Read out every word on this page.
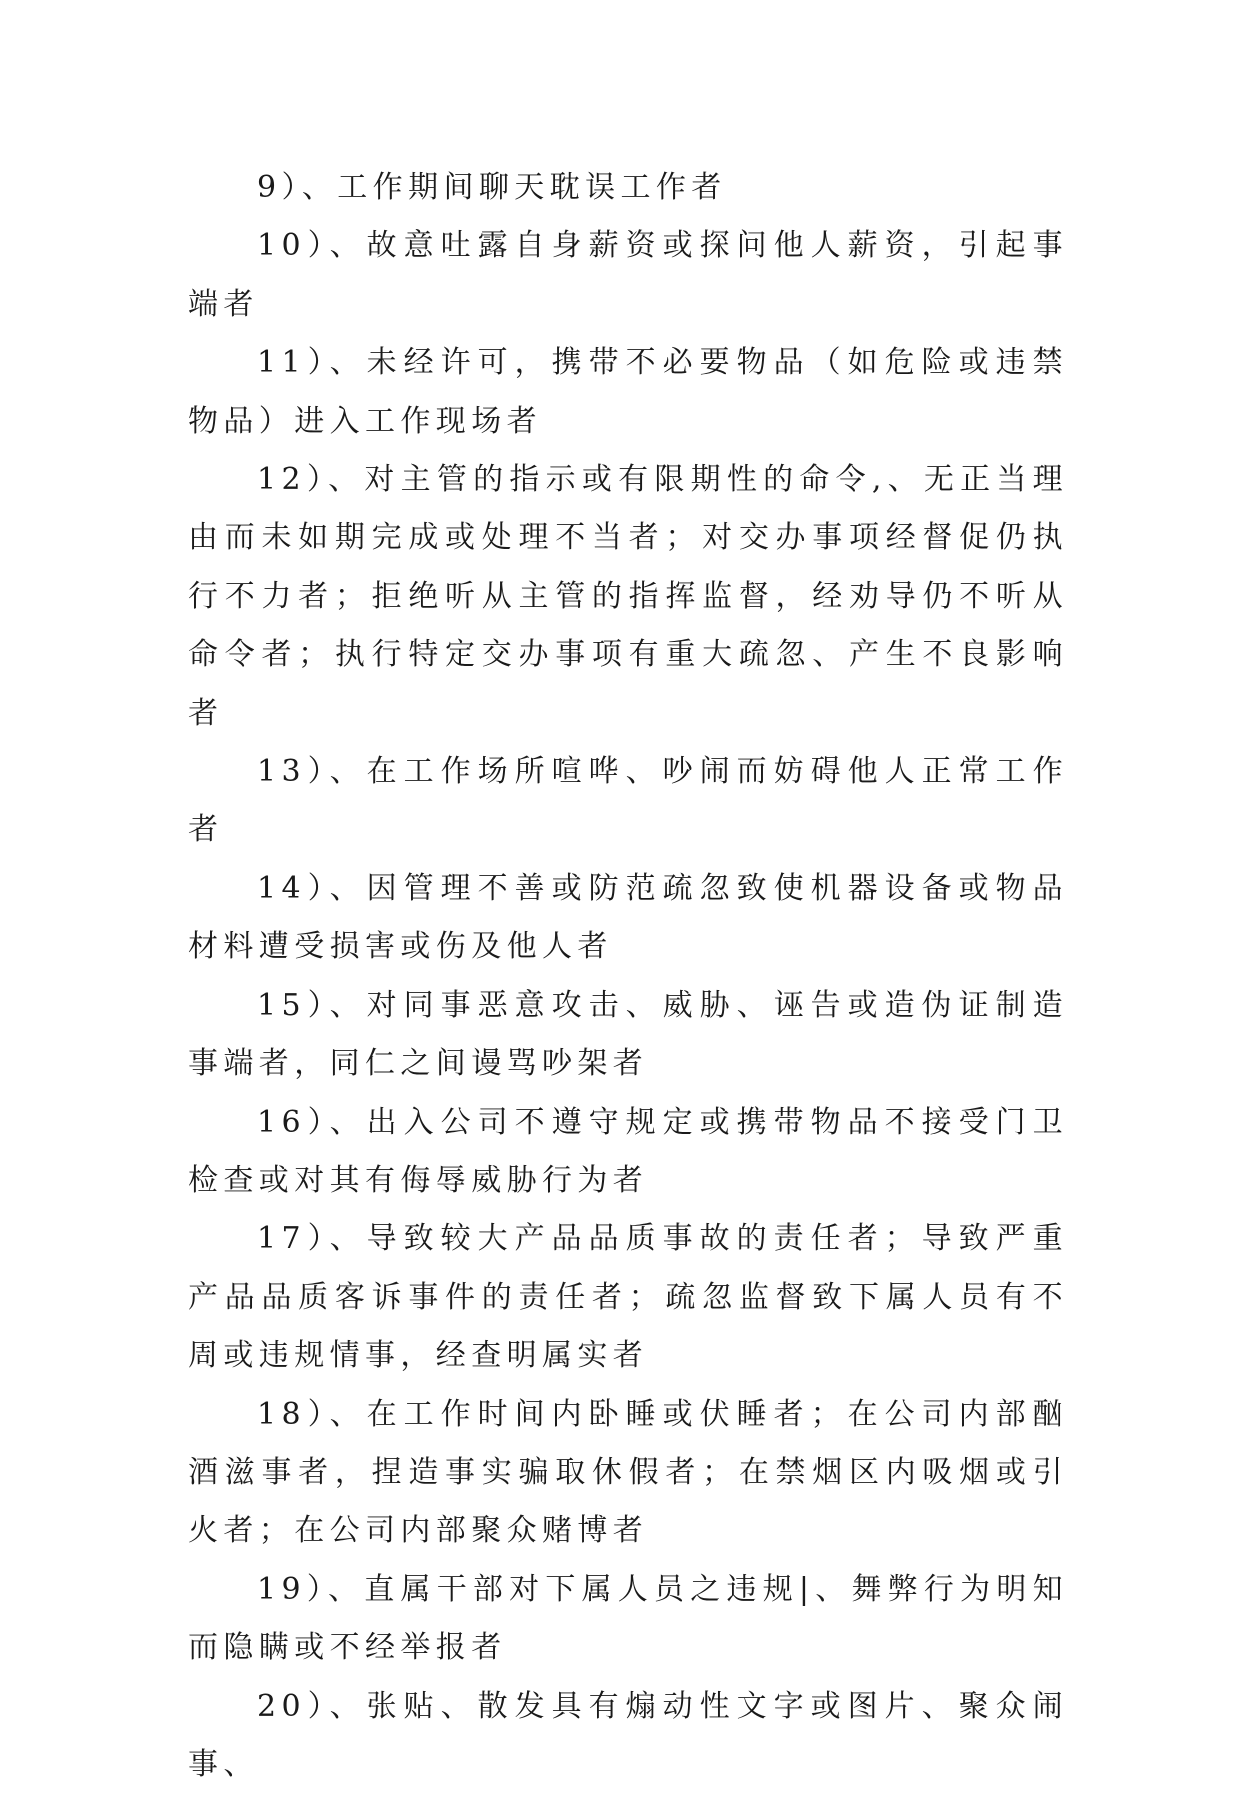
9）、工作期间聊天耽误工作者

10）、故意吐露自身薪资或探问他人薪资，引起事端者

11）、未经许可，携带不必要物品（如危险或违禁物品）进入工作现场者

12）、对主管的指示或有限期性的命令,、无正当理由而未如期完成或处理不当者；对交办事项经督促仍执行不力者；拒绝听从主管的指挥监督，经劝导仍不听从命令者；执行特定交办事项有重大疏忽、产生不良影响者

13）、在工作场所喧哗、吵闹而妨碍他人正常工作者

14）、因管理不善或防范疏忽致使机器设备或物品材料遭受损害或伤及他人者

15）、对同事恶意攻击、威胁、诬告或造伪证制造事端者，同仁之间谩骂吵架者

16）、出入公司不遵守规定或携带物品不接受门卫检查或对其有侮辱威胁行为者

17）、导致较大产品品质事故的责任者；导致严重产品品质客诉事件的责任者；疏忽监督致下属人员有不周或违规情事，经查明属实者

18）、在工作时间内卧睡或伏睡者；在公司内部酗酒滋事者，捏造事实骗取休假者；在禁烟区内吸烟或引火者；在公司内部聚众赌博者

19）、直属干部对下属人员之违规|、舞弊行为明知而隐瞒或不经举报者

20）、张贴、散发具有煽动性文字或图片、聚众闹事、
